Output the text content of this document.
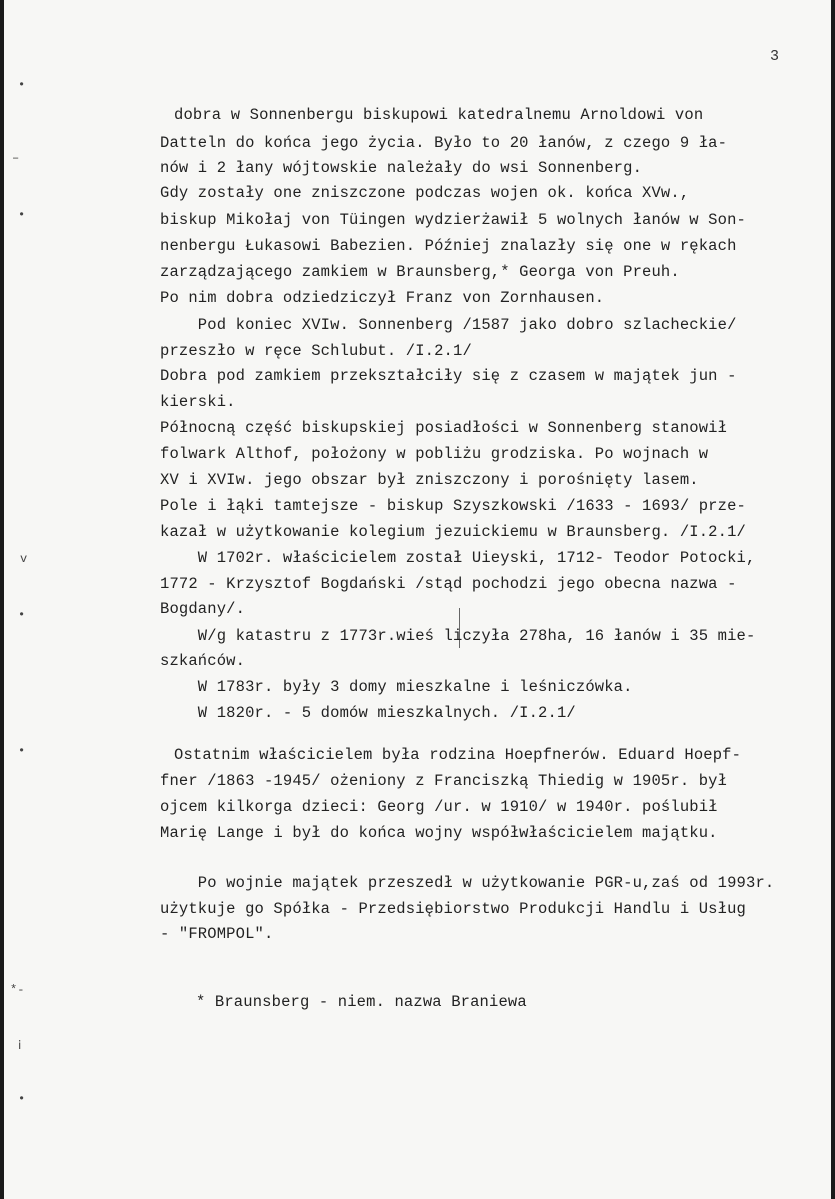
3
•
–
•
v
•
•
*-
ⅰ
•
dobra w Sonnenbergu biskupowi katedralnemu Arnoldowi von
Datteln do końca jego życia. Było to 20 łanów, z czego 9 ła-
nów i 2 łany wójtowskie należały do wsi Sonnenberg.
Gdy zostały one zniszczone podczas wojen ok. końca XVw.,
biskup Mikołaj von Tüingen wydzierżawił 5 wolnych łanów w Son-
nenbergu Łukasowi Babezien. Później znalazły się one w rękach
zarządzającego zamkiem w Braunsberg,* Georga von Preuh.
Po nim dobra odziedziczył Franz von Zornhausen.
Pod koniec XVIw. Sonnenberg /1587 jako dobro szlacheckie/
przeszło w ręce Schlubut. /I.2.1/
Dobra pod zamkiem przekształciły się z czasem w majątek jun -
kierski.
Północną część biskupskiej posiadłości w Sonnenberg stanowił
folwark Althof, położony w pobliżu grodziska. Po wojnach w
XV i XVIw. jego obszar był zniszczony i porośnięty lasem.
Pole i łąki tamtejsze - biskup Szyszkowski /1633 - 1693/ prze-
kazał w użytkowanie kolegium jezuickiemu w Braunsberg. /I.2.1/
W 1702r. właścicielem został Uieyski, 1712- Teodor Potocki,
1772 - Krzysztof Bogdański /stąd pochodzi jego obecna nazwa -
Bogdany/.
W/g katastru z 1773r.wieś liczyła 278ha, 16 łanów i 35 mie-
szkańców.
W 1783r. były 3 domy mieszkalne i leśniczówka.
W 1820r. - 5 domów mieszkalnych. /I.2.1/
Ostatnim właścicielem była rodzina Hoepfnerów. Eduard Hoepf-
fner /1863 -1945/ ożeniony z Franciszką Thiedig w 1905r. był
ojcem kilkorga dzieci: Georg /ur. w 1910/ w 1940r. poślubił
Marię Lange i był do końca wojny współwłaścicielem majątku.
Po wojnie majątek przeszedł w użytkowanie PGR-u,zaś od 1993r.
użytkuje go Spółka - Przedsiębiorstwo Produkcji Handlu i Usług
- "FROMPOL".
* Braunsberg - niem. nazwa Braniewa
